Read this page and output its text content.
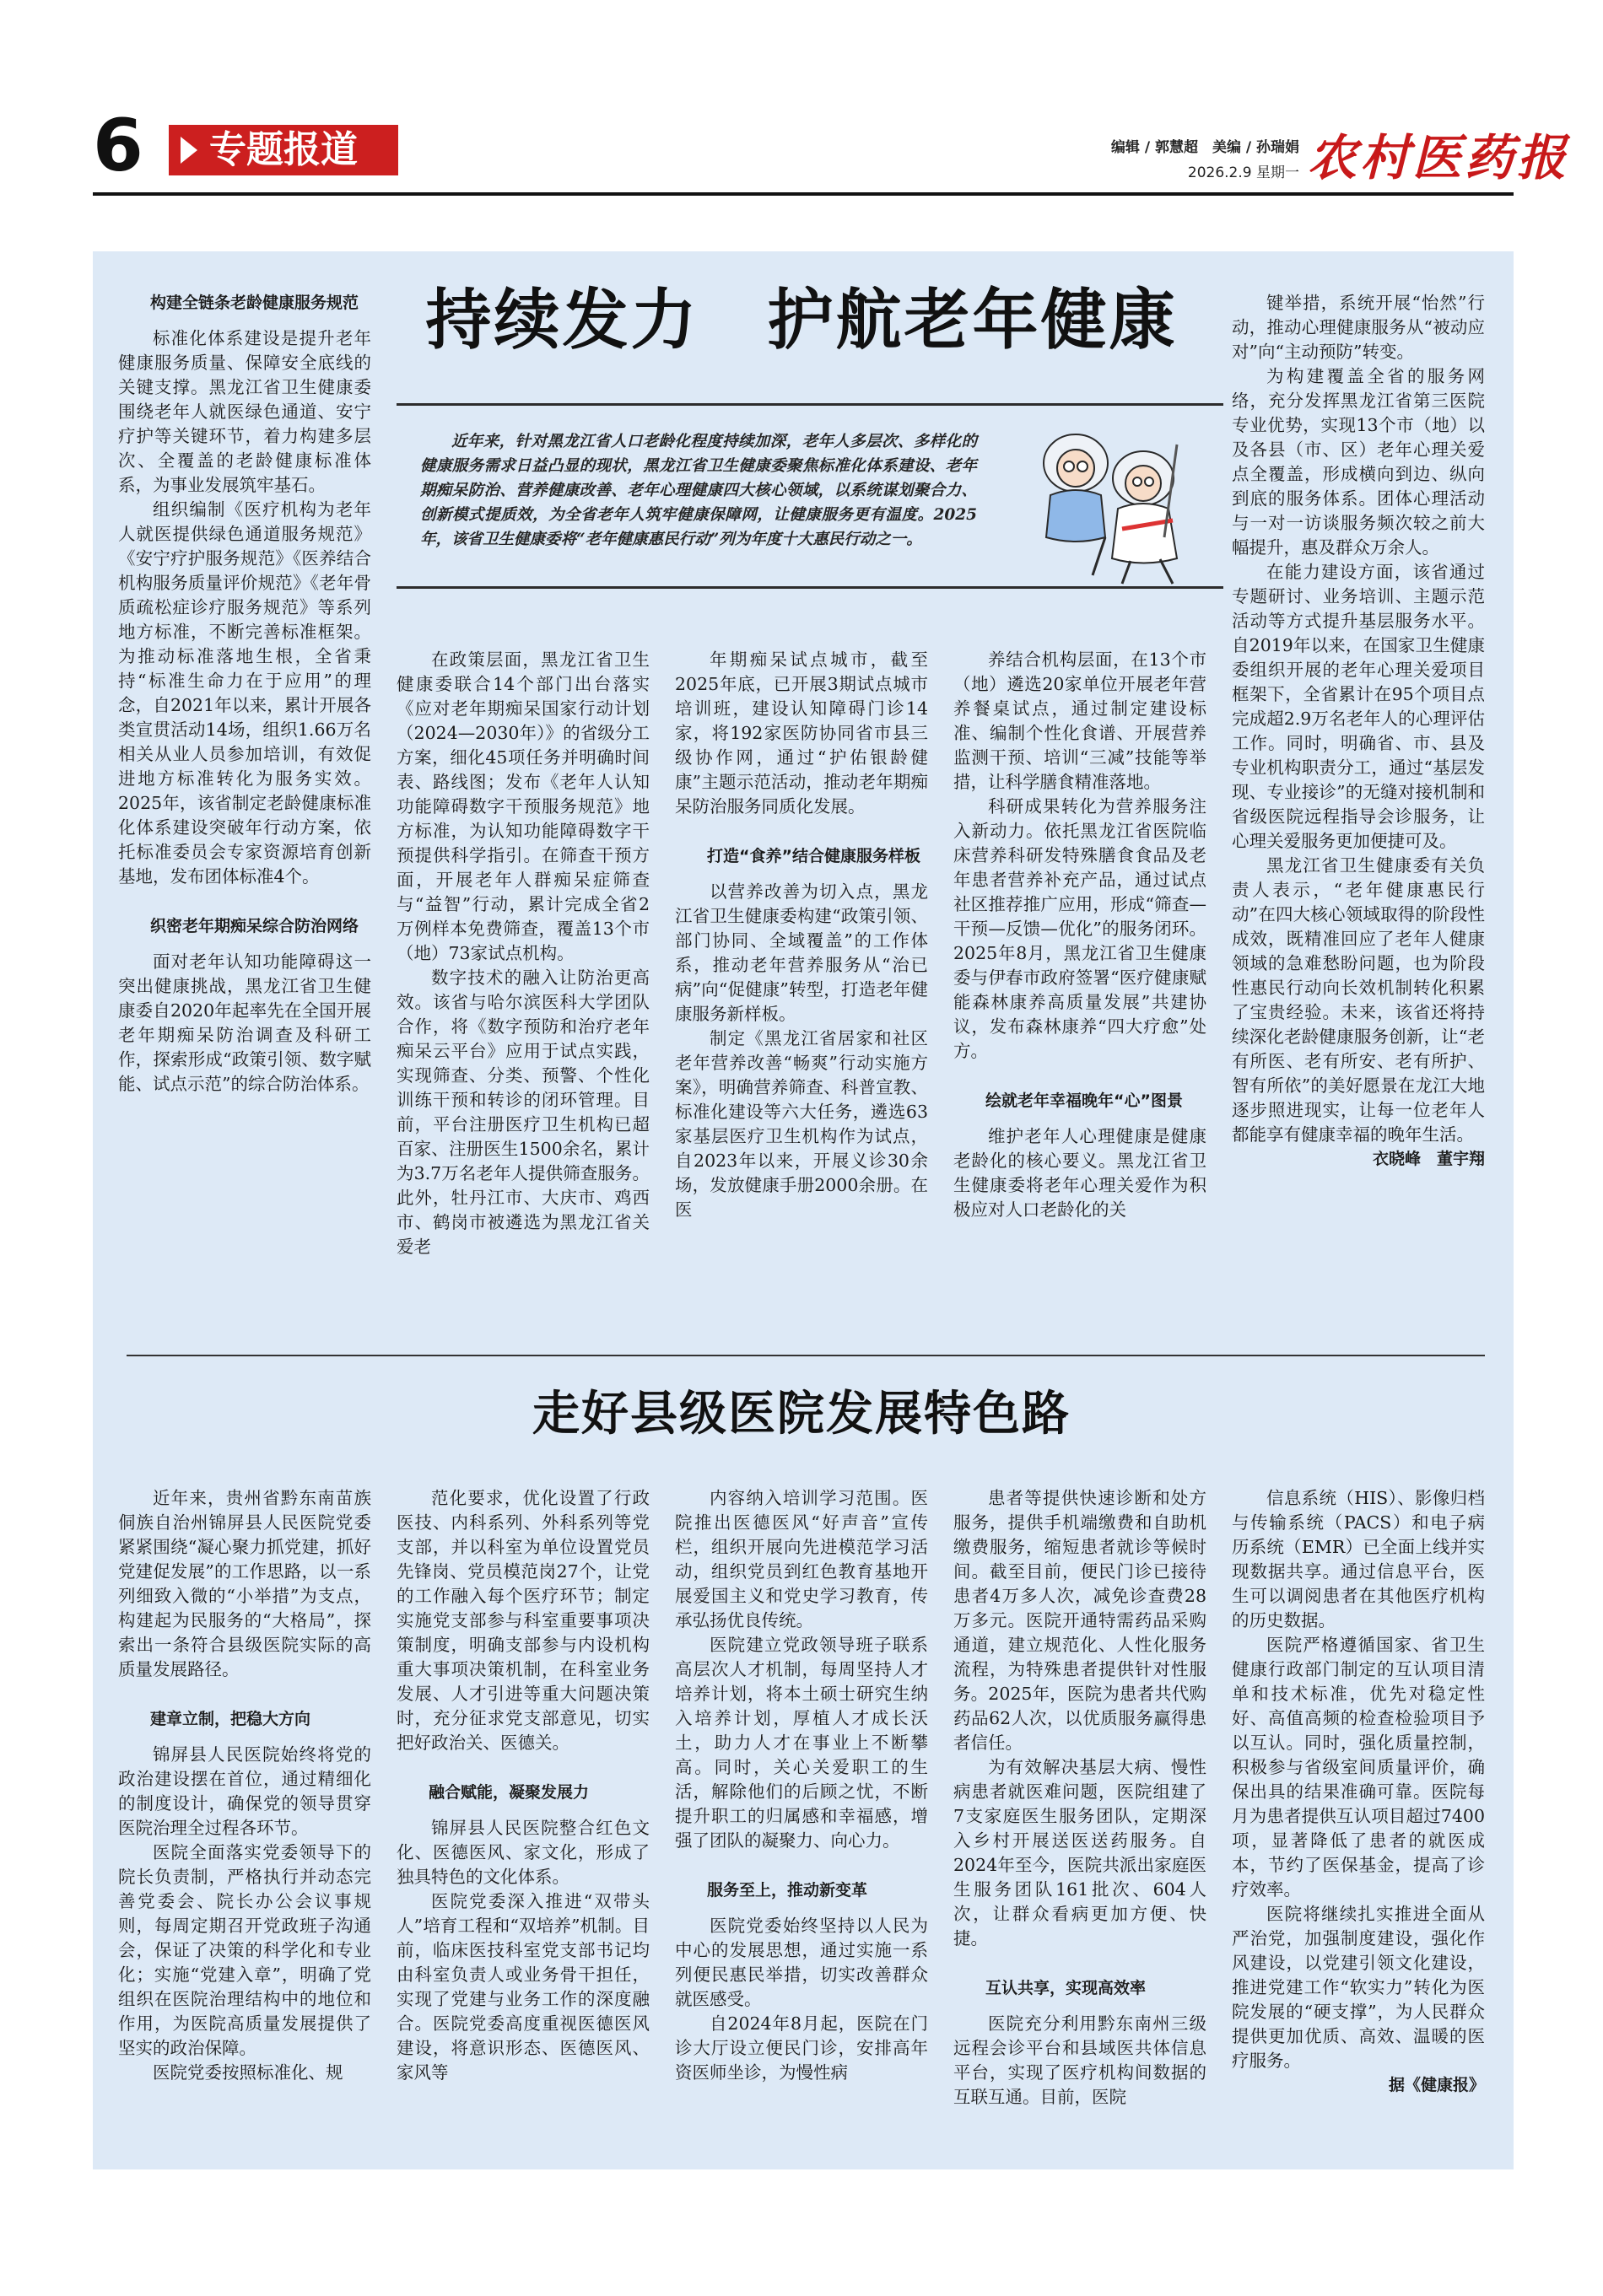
6	专题报道	编辑 / 郭慧超　美编 / 孙瑞娟
2026.2.9 星期一 农村医药报
构建全链条老龄健康服务规范

标准化体系建设是提升老年健康服务质量、保障安全底线的关键支撑。黑龙江省卫生健康委围绕老年人就医绿色通道、安宁疗护等关键环节，着力构建多层次、全覆盖的老龄健康标准体系，为事业发展筑牢基石。

组织编制《医疗机构为老年人就医提供绿色通道服务规范》《安宁疗护服务规范》《医养结合机构服务质量评价规范》《老年骨质疏松症诊疗服务规范》等系列地方标准，不断完善标准框架。为推动标准落地生根，全省秉持“标准生命力在于应用”的理念，自2021年以来，累计开展各类宣贯活动14场，组织1.66万名相关从业人员参加培训，有效促进地方标准转化为服务实效。2025年，该省制定老龄健康标准化体系建设突破年行动方案，依托标准委员会专家资源培育创新基地，发布团体标准4个。

织密老年期痴呆综合防治网络

面对老年认知功能障碍这一突出健康挑战，黑龙江省卫生健康委自2020年起率先在全国开展老年期痴呆防治调查及科研工作，探索形成“政策引领、数字赋能、试点示范”的综合防治体系。

持续发力　护航老年健康	键举措，系统开展“怡然”行动，推动心理健康服务从“被动应对”向“主动预防”转变。

为构建覆盖全省的服务网络，充分发挥黑龙江省第三医院专业优势，实现13个市（地）以及各县（市、区）老年心理关爱点全覆盖，形成横向到边、纵向到底的服务体系。团体心理活动与一对一访谈服务频次较之前大幅提升，惠及群众万余人。

在能力建设方面，该省通过专题研讨、业务培训、主题示范活动等方式提升基层服务水平。自2019年以来，在国家卫生健康委组织开展的老年心理关爱项目框架下，全省累计在95个项目点完成超2.9万名老年人的心理评估工作。同时，明确省、市、县及专业机构职责分工，通过“基层发现、专业接诊”的无缝对接机制和省级医院远程指导会诊服务，让心理关爱服务更加便捷可及。

黑龙江省卫生健康委有关负责人表示，“老年健康惠民行动”在四大核心领域取得的阶段性成效，既精准回应了老年人健康领域的急难愁盼问题，也为阶段性惠民行动向长效机制转化积累了宝贵经验。未来，该省还将持续深化老龄健康服务创新，让“老有所医、老有所安、老有所护、智有所依”的美好愿景在龙江大地逐步照进现实，让每一位老年人都能享有健康幸福的晚年生活。

衣晓峰　董宇翔
近年来，针对黑龙江省人口老龄化程度持续加深，老年人多层次、多样化的健康服务需求日益凸显的现状，黑龙江省卫生健康委聚焦标准化体系建设、老年期痴呆防治、营养健康改善、老年心理健康四大核心领域，以系统谋划聚合力、创新模式提质效，为全省老年人筑牢健康保障网，让健康服务更有温度。2025年，该省卫生健康委将“老年健康惠民行动”列为年度十大惠民行动之一。

在政策层面，黑龙江省卫生健康委联合14个部门出台落实《应对老年期痴呆国家行动计划（2024—2030年）》的省级分工方案，细化45项任务并明确时间表、路线图；发布《老年人认知功能障碍数字干预服务规范》地方标准，为认知功能障碍数字干预提供科学指引。在筛查干预方面，开展老年人群痴呆症筛查与“益智”行动，累计完成全省2万例样本免费筛查，覆盖13个市（地）73家试点机构。

数字技术的融入让防治更高效。该省与哈尔滨医科大学团队合作，将《数字预防和治疗老年痴呆云平台》应用于试点实践，实现筛查、分类、预警、个性化训练干预和转诊的闭环管理。目前，平台注册医疗卫生机构已超百家、注册医生1500余名，累计为3.7万名老年人提供筛查服务。此外，牡丹江市、大庆市、鸡西市、鹤岗市被遴选为黑龙江省关爱老

年期痴呆试点城市，截至2025年底，已开展3期试点城市培训班，建设认知障碍门诊14家，将192家医防协同省市县三级协作网，通过“护佑银龄健康”主题示范活动，推动老年期痴呆防治服务同质化发展。

打造“食养”结合健康服务样板

以营养改善为切入点，黑龙江省卫生健康委构建“政策引领、部门协同、全域覆盖”的工作体系，推动老年营养服务从“治已病”向“促健康”转型，打造老年健康服务新样板。

制定《黑龙江省居家和社区老年营养改善“畅爽”行动实施方案》，明确营养筛查、科普宣教、标准化建设等六大任务，遴选63家基层医疗卫生机构作为试点，自2023年以来，开展义诊30余场，发放健康手册2000余册。在医

养结合机构层面，在13个市（地）遴选20家单位开展老年营养餐桌试点，通过制定建设标准、编制个性化食谱、开展营养监测干预、培训“三减”技能等举措，让科学膳食精准落地。

科研成果转化为营养服务注入新动力。依托黑龙江省医院临床营养科研发特殊膳食食品及老年患者营养补充产品，通过试点社区推荐推广应用，形成“筛查—干预—反馈—优化”的服务闭环。2025年8月，黑龙江省卫生健康委与伊春市政府签署“医疗健康赋能森林康养高质量发展”共建协议，发布森林康养“四大疗愈”处方。

绘就老年幸福晚年“心”图景

维护老年人心理健康是健康老龄化的核心要义。黑龙江省卫生健康委将老年心理关爱作为积极应对人口老龄化的关

走好县级医院发展特色路

近年来，贵州省黔东南苗族侗族自治州锦屏县人民医院党委紧紧围绕“凝心聚力抓党建，抓好党建促发展”的工作思路，以一系列细致入微的“小举措”为支点，构建起为民服务的“大格局”，探索出一条符合县级医院实际的高质量发展路径。

建章立制，把稳大方向

锦屏县人民医院始终将党的政治建设摆在首位，通过精细化的制度设计，确保党的领导贯穿医院治理全过程各环节。

医院全面落实党委领导下的院长负责制，严格执行并动态完善党委会、院长办公会议事规则，每周定期召开党政班子沟通会，保证了决策的科学化和专业化；实施“党建入章”，明确了党组织在医院治理结构中的地位和作用，为医院高质量发展提供了坚实的政治保障。

医院党委按照标准化、规

范化要求，优化设置了行政医技、内科系列、外科系列等党支部，并以科室为单位设置党员先锋岗、党员模范岗27个，让党的工作融入每个医疗环节；制定实施党支部参与科室重要事项决策制度，明确支部参与内设机构重大事项决策机制，在科室业务发展、人才引进等重大问题决策时，充分征求党支部意见，切实把好政治关、医德关。

融合赋能，凝聚发展力

锦屏县人民医院整合红色文化、医德医风、家文化，形成了独具特色的文化体系。

医院党委深入推进“双带头人”培育工程和“双培养”机制。目前，临床医技科室党支部书记均由科室负责人或业务骨干担任，实现了党建与业务工作的深度融合。医院党委高度重视医德医风建设，将意识形态、医德医风、家风等

内容纳入培训学习范围。医院推出医德医风“好声音”宣传栏，组织开展向先进模范学习活动，组织党员到红色教育基地开展爱国主义和党史学习教育，传承弘扬优良传统。

医院建立党政领导班子联系高层次人才机制，每周坚持人才培养计划，将本土硕士研究生纳入培养计划，厚植人才成长沃土，助力人才在事业上不断攀高。同时，关心关爱职工的生活，解除他们的后顾之忧，不断提升职工的归属感和幸福感，增强了团队的凝聚力、向心力。

服务至上，推动新变革

医院党委始终坚持以人民为中心的发展思想，通过实施一系列便民惠民举措，切实改善群众就医感受。

自2024年8月起，医院在门诊大厅设立便民门诊，安排高年资医师坐诊，为慢性病

患者等提供快速诊断和处方服务，提供手机端缴费和自助机缴费服务，缩短患者就诊等候时间。截至目前，便民门诊已接待患者4万多人次，减免诊查费28万多元。医院开通特需药品采购通道，建立规范化、人性化服务流程，为特殊患者提供针对性服务。2025年，医院为患者共代购药品62人次，以优质服务赢得患者信任。

为有效解决基层大病、慢性病患者就医难问题，医院组建了7支家庭医生服务团队，定期深入乡村开展送医送药服务。自2024年至今，医院共派出家庭医生服务团队161批次、604人次，让群众看病更加方便、快捷。

互认共享，实现高效率

医院充分利用黔东南州三级远程会诊平台和县域医共体信息平台，实现了医疗机构间数据的互联互通。目前，医院

信息系统（HIS）、影像归档与传输系统（PACS）和电子病历系统（EMR）已全面上线并实现数据共享。通过信息平台，医生可以调阅患者在其他医疗机构的历史数据。

医院严格遵循国家、省卫生健康行政部门制定的互认项目清单和技术标准，优先对稳定性好、高值高频的检查检验项目予以互认。同时，强化质量控制，积极参与省级室间质量评价，确保出具的结果准确可靠。医院每月为患者提供互认项目超过7400项，显著降低了患者的就医成本，节约了医保基金，提高了诊疗效率。

医院将继续扎实推进全面从严治党，加强制度建设，强化作风建设，以党建引领文化建设，推进党建工作“软实力”转化为医院发展的“硬支撑”，为人民群众提供更加优质、高效、温暖的医疗服务。

据《健康报》
